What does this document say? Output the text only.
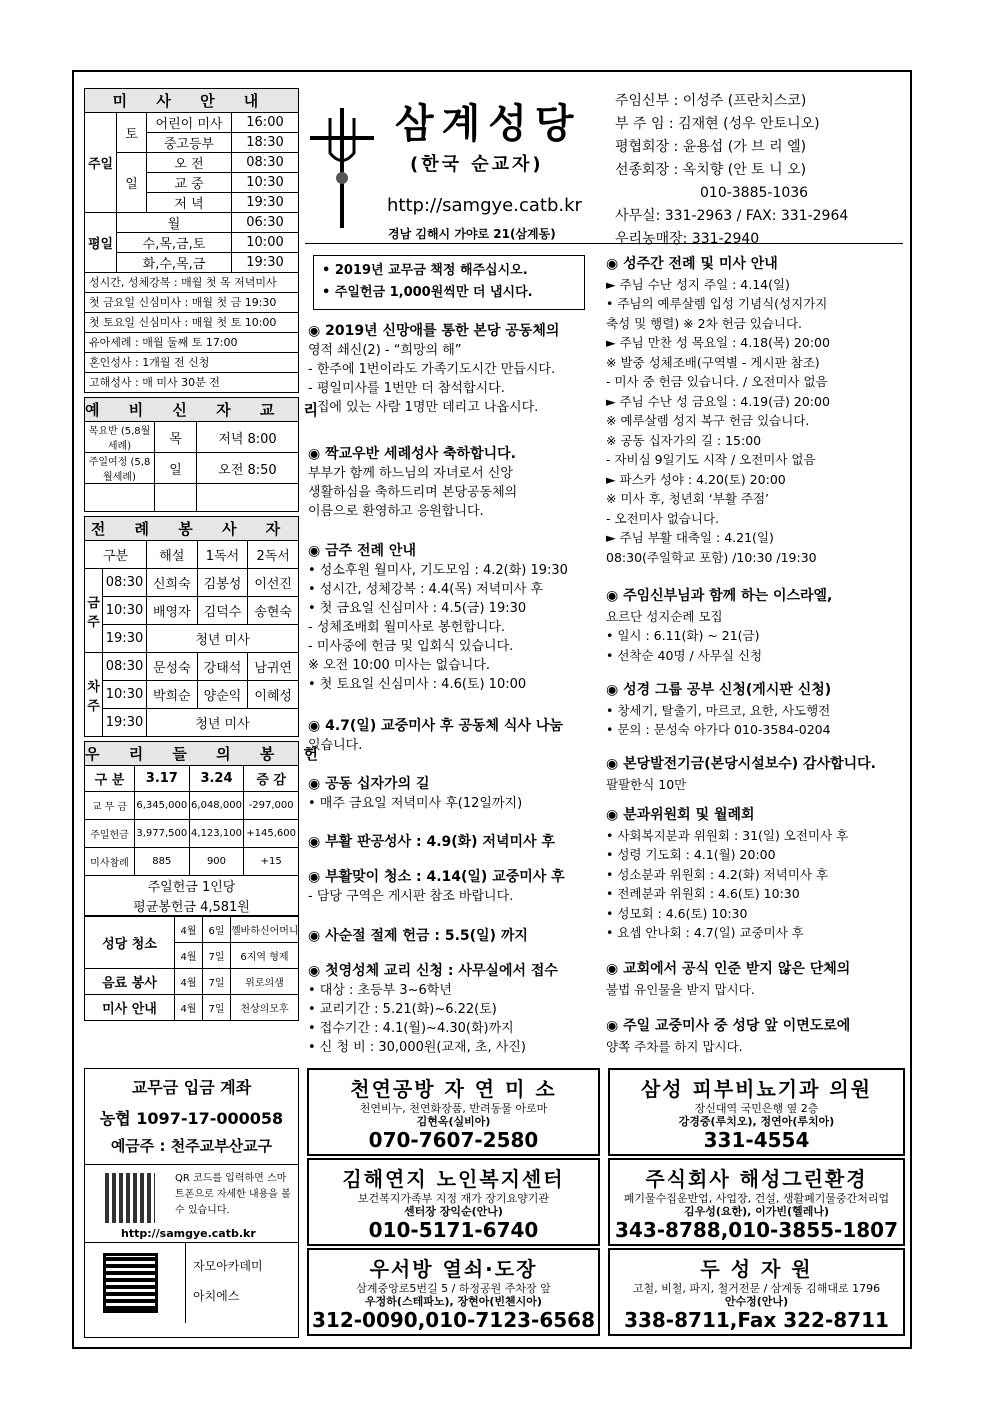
미 사 안 내			
주일	토	어린이 미사	16:00
		중고등부	18:30
	일	오 전	08:30
		교 중	10:30
		저 녁	19:30
평일	월		06:30
	수,목,금,토		10:00
	화,수,목,금		19:30
성시간, 성체강복 : 매월 첫 목 저녁미사
첫 금요일 신심미사 : 매월 첫 금 19:30
첫 토요일 신심미사 : 매월 첫 토 10:00
유아세례 : 매월 둘째 토 17:00
혼인성사 : 1개월 전 신청
고해성사 : 매 미사 30분 전
예 비 신 자 교 리		
목요반 (5,8월세례)	목	저녁 8:00
주일여정 (5,8월세례)	일	오전 8:50

전 례 봉 사 자				
구분		해설	1독서	2독서
금주	08:30	신희숙	김봉성	이선진
	10:30	배영자	김덕수	송현숙
	19:30	청년 미사		
차주	08:30	문성숙	강태석	남귀연
	10:30	박희순	양순익	이혜성
	19:30	청년 미사		
우 리 들 의 봉 헌			
구 분	3.17	3.24	증 감
교 무 금	6,345,000	6,048,000	-297,000
주일헌금	3,977,500	4,123,100	+145,600
미사참례	885	900	+15
주일헌금 1인당			
평균봉헌금 4,581원			
성당 청소	4월	6일	꼘바하신어머니
	4월	7일	6지역 형제
음료 봉사	4월	7일	위로의샘
미사 안내	4월	7일	천상의모후
삼계성당
(한국 순교자)
http://samgye.catb.kr
경남 김해시 가야로 21(삼계동)
주임신부 : 이성주 (프란치스코)
부 주 임 : 김재현 (성우 안토니오)
평협회장 : 윤용섭 (가 브 리 엘)
선종회장 : 옥치향 (안 토 니 오)
010-3885-1036
사무실: 331-2963 / FAX: 331-2964
우리농매장: 331-2940
• 2019년 교무금 책정 해주십시오.
• 주일헌금 1,000원씩만 더 냅시다.
◉ 2019년 신망애를 통한 본당 공동체의
영적 쇄신(2) - “희망의 해”
- 한주에 1번이라도 가족기도시간 만듭시다.
- 평일미사를 1번만 더 참석합시다.
- 집에 있는 사람 1명만 데리고 나옵시다.
◉ 짝교우반 세례성사 축하합니다.
부부가 함께 하느님의 자녀로서 신앙
생활하심을 축하드리며 본당공동체의
이름으로 환영하고 응원합니다.
◉ 금주 전례 안내
• 성소후원 월미사, 기도모임 : 4.2(화) 19:30
• 성시간, 성체강복 : 4.4(목) 저녁미사 후
• 첫 금요일 신심미사 : 4.5(금) 19:30
- 성체조배회 월미사로 봉헌합니다.
- 미사중에 헌금 및 입회식 있습니다.
※ 오전 10:00 미사는 없습니다.
• 첫 토요일 신심미사 : 4.6(토) 10:00
◉ 4.7(일) 교중미사 후 공동체 식사 나눔
있습니다.
◉ 공동 십자가의 길
• 매주 금요일 저녁미사 후(12일까지)
◉ 부활 판공성사 : 4.9(화) 저녁미사 후
◉ 부활맞이 청소 : 4.14(일) 교중미사 후
- 담당 구역은 게시판 참조 바랍니다.
◉ 사순절 절제 헌금 : 5.5(일) 까지
◉ 첫영성체 교리 신청 : 사무실에서 접수
• 대상 : 초등부 3~6학년
• 교리기간 : 5.21(화)~6.22(토)
• 접수기간 : 4.1(월)~4.30(화)까지
• 신 청 비 : 30,000원(교재, 초, 사진)
◉ 성주간 전례 및 미사 안내
► 주님 수난 성지 주일 : 4.14(일)
• 주님의 예루살렘 입성 기념식(성지가지
축성 및 행렬) ※ 2차 헌금 있습니다.
► 주님 만찬 성 목요일 : 4.18(목) 20:00
※ 발중 성체조배(구역별 - 게시판 참조)
- 미사 중 헌금 있습니다. / 오전미사 없음
► 주님 수난 성 금요일 : 4.19(금) 20:00
※ 예루살렘 성지 복구 헌금 있습니다.
※ 공동 십자가의 길 : 15:00
- 자비심 9일기도 시작 / 오전미사 없음
► 파스카 성야 : 4.20(토) 20:00
※ 미사 후, 청년회 ‘부활 주점’
- 오전미사 없습니다.
► 주님 부활 대축일 : 4.21(일)
08:30(주일학교 포함) /10:30 /19:30
◉ 주임신부님과 함께 하는 이스라엘,
요르단 성지순례 모집
• 일시 : 6.11(화) ~ 21(금)
• 선착순 40명 / 사무실 신청
◉ 성경 그룹 공부 신청(게시판 신청)
• 창세기, 탈출기, 마르코, 요한, 사도행전
• 문의 : 문성숙 아가다 010-3584-0204
◉ 본당발전기금(본당시설보수) 감사합니다.
팔팔한식 10만
◉ 분과위원회 및 월례회
• 사회복지분과 위원회 : 31(일) 오전미사 후
• 성령 기도회 : 4.1(월) 20:00
• 성소분과 위원회 : 4.2(화) 저녁미사 후
• 전례분과 위원회 : 4.6(토) 10:30
• 성모회 : 4.6(토) 10:30
• 요셉 안나회 : 4.7(일) 교중미사 후
◉ 교회에서 공식 인준 받지 않은 단체의
불법 유인물을 받지 맙시다.
◉ 주일 교중미사 중 성당 앞 이면도로에
양쪽 주차를 하지 맙시다.
교무금 입금 계좌
농협 1097-17-000058
예금주 : 천주교부산교구
QR 코드를 입력하면 스마트폰으로 자세한 내용을 볼 수 있습니다.
http://samgye.catb.kr
자모아카데미
아치에스
천연공방 자 연 미 소
천연비누, 천연화장품, 반려동물 아로마
김현옥(실비아)
070-7607-2580
삼성 피부비뇨기과 의원
장신대역 국민은행 옆 2층
강경중(루치오), 정연아(루치아)
331-4554
김해연지 노인복지센터
보건복지가족부 지정 재가 장기요양기관
센터장 장익순(안나)
010-5171-6740
주식회사 해성그린환경
폐기물수집운반업, 사업장, 건설, 생활폐기물중간처리업
김우성(요한), 이가빈(헬레나)
343-8788,010-3855-1807
우서방 열쇠·도장
삼계중앙로5번길 5 / 하정공원 주차장 앞
우정하(스테파노), 장현아(빈첸시아)
312-0090,010-7123-6568
두 성 자 원
고철, 비철, 파지, 철거전문 / 삼계동 김해대로 1796
안수정(안나)
338-8711,Fax 322-8711
